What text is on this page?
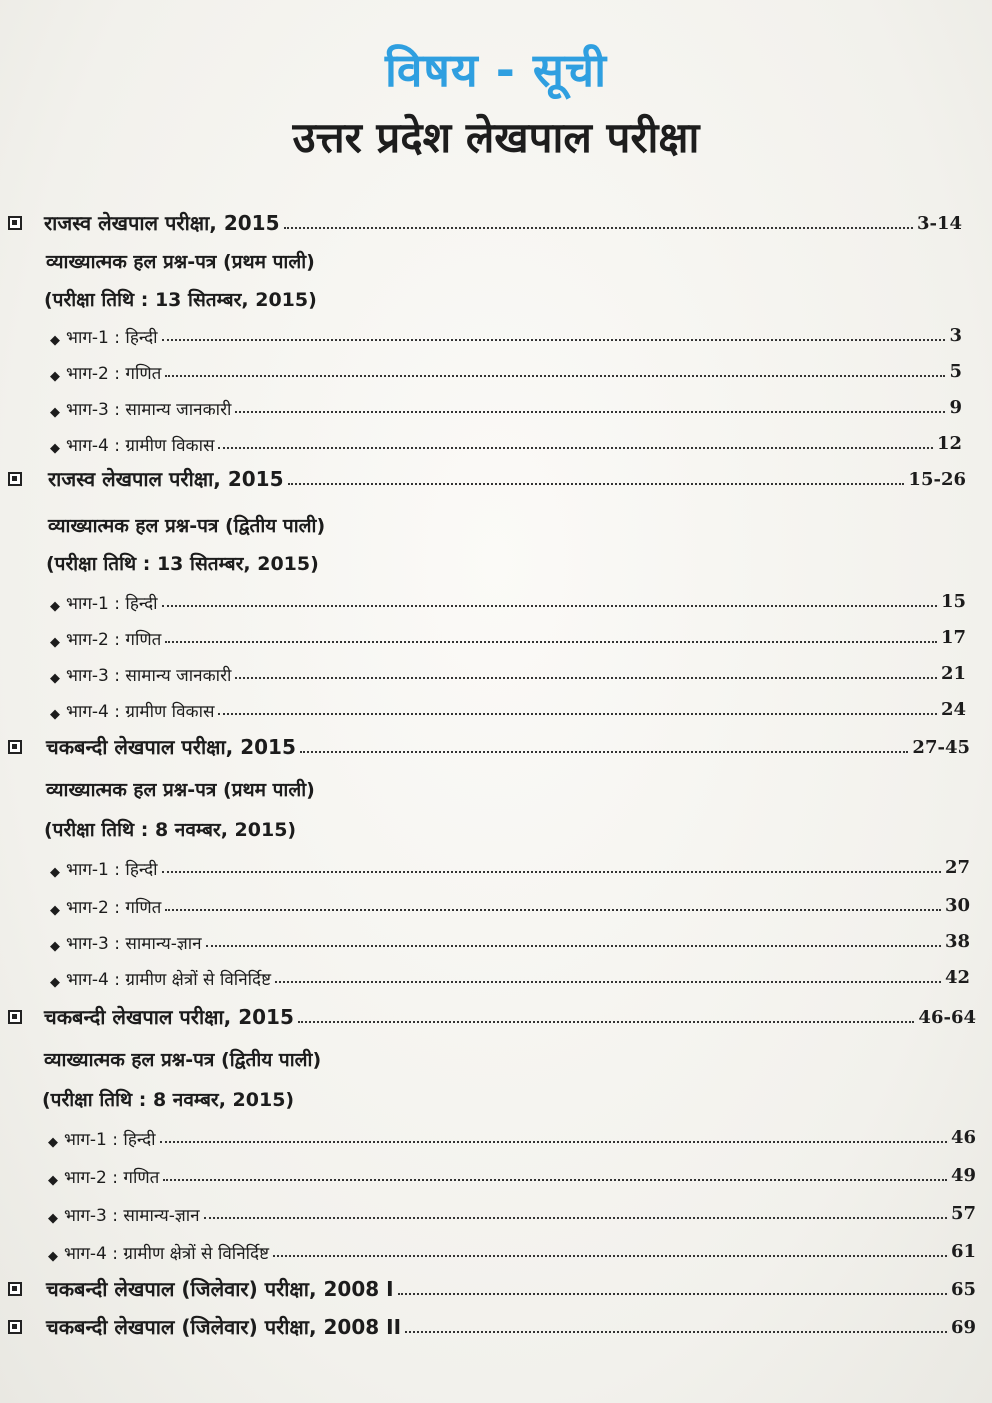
विषय - सूची
उत्तर प्रदेश लेखपाल परीक्षा
राजस्व लेखपाल परीक्षा, 2015	3-14
व्याख्यात्मक हल प्रश्न-पत्र (प्रथम पाली)
(परीक्षा तिथि : 13 सितम्बर, 2015)
◆ भाग-1 : हिन्दी	3
◆ भाग-2 : गणित	5
◆ भाग-3 : सामान्य जानकारी	9
◆ भाग-4 : ग्रामीण विकास	12
राजस्व लेखपाल परीक्षा, 2015	15-26
व्याख्यात्मक हल प्रश्न-पत्र (द्वितीय पाली)
(परीक्षा तिथि : 13 सितम्बर, 2015)
◆ भाग-1 : हिन्दी	15
◆ भाग-2 : गणित	17
◆ भाग-3 : सामान्य जानकारी	21
◆ भाग-4 : ग्रामीण विकास	24
चकबन्दी लेखपाल परीक्षा, 2015	27-45
व्याख्यात्मक हल प्रश्न-पत्र (प्रथम पाली)
(परीक्षा तिथि : 8 नवम्बर, 2015)
◆ भाग-1 : हिन्दी	27
◆ भाग-2 : गणित	30
◆ भाग-3 : सामान्य-ज्ञान	38
◆ भाग-4 : ग्रामीण क्षेत्रों से विनिर्दिष्ट	42
चकबन्दी लेखपाल परीक्षा, 2015	46-64
व्याख्यात्मक हल प्रश्न-पत्र (द्वितीय पाली)
(परीक्षा तिथि : 8 नवम्बर, 2015)
◆ भाग-1 : हिन्दी	46
◆ भाग-2 : गणित	49
◆ भाग-3 : सामान्य-ज्ञान	57
◆ भाग-4 : ग्रामीण क्षेत्रों से विनिर्दिष्ट	61
चकबन्दी लेखपाल (जिलेवार) परीक्षा, 2008 I	65
चकबन्दी लेखपाल (जिलेवार) परीक्षा, 2008 II	69
